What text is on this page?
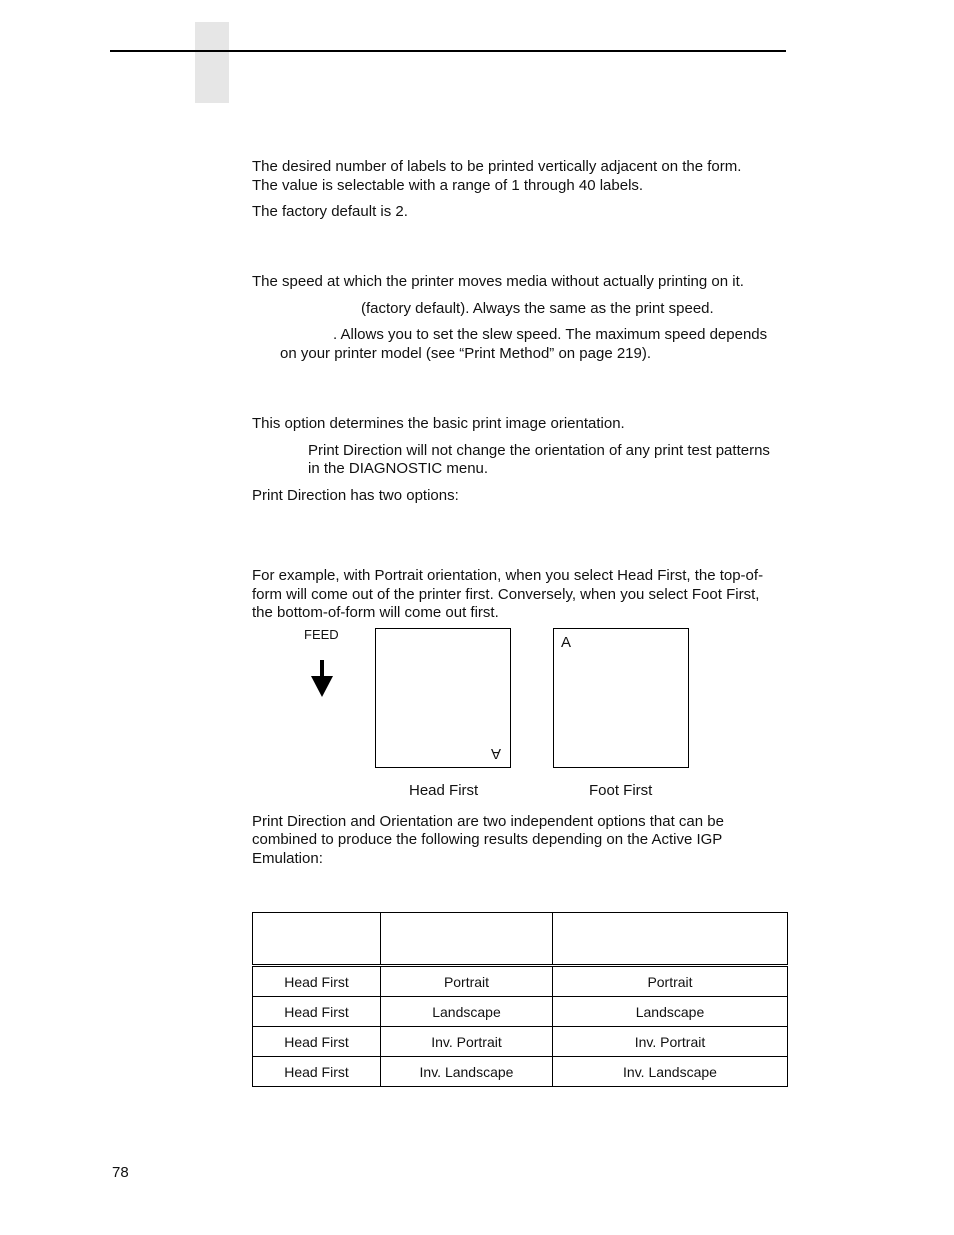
The desired number of labels to be printed vertically adjacent on the form.

The value is selectable with a range of 1 through 40 labels.

The factory default is 2.

The speed at which the printer moves media without actually printing on it.

(factory default). Always the same as the print speed.

. Allows you to set the slew speed. The maximum speed depends

on your printer model (see “Print Method” on page 219).

This option determines the basic print image orientation.

Print Direction will not change the orientation of any print test patterns

in the DIAGNOSTIC menu.

Print Direction has two options:

For example, with Portrait orientation, when you select Head First, the top-of-

form will come out of the printer first. Conversely, when you select Foot First,

the bottom-of-form will come out first.

FEED
A
A

Head First	Foot First

Print Direction and Orientation are two independent options that can be

combined to produce the following results depending on the Active IGP

Emulation:

Head First	Portrait	Portrait
Head First	Landscape	Landscape
Head First	Inv. Portrait	Inv. Portrait
Head First	Inv. Landscape	Inv. Landscape

78
